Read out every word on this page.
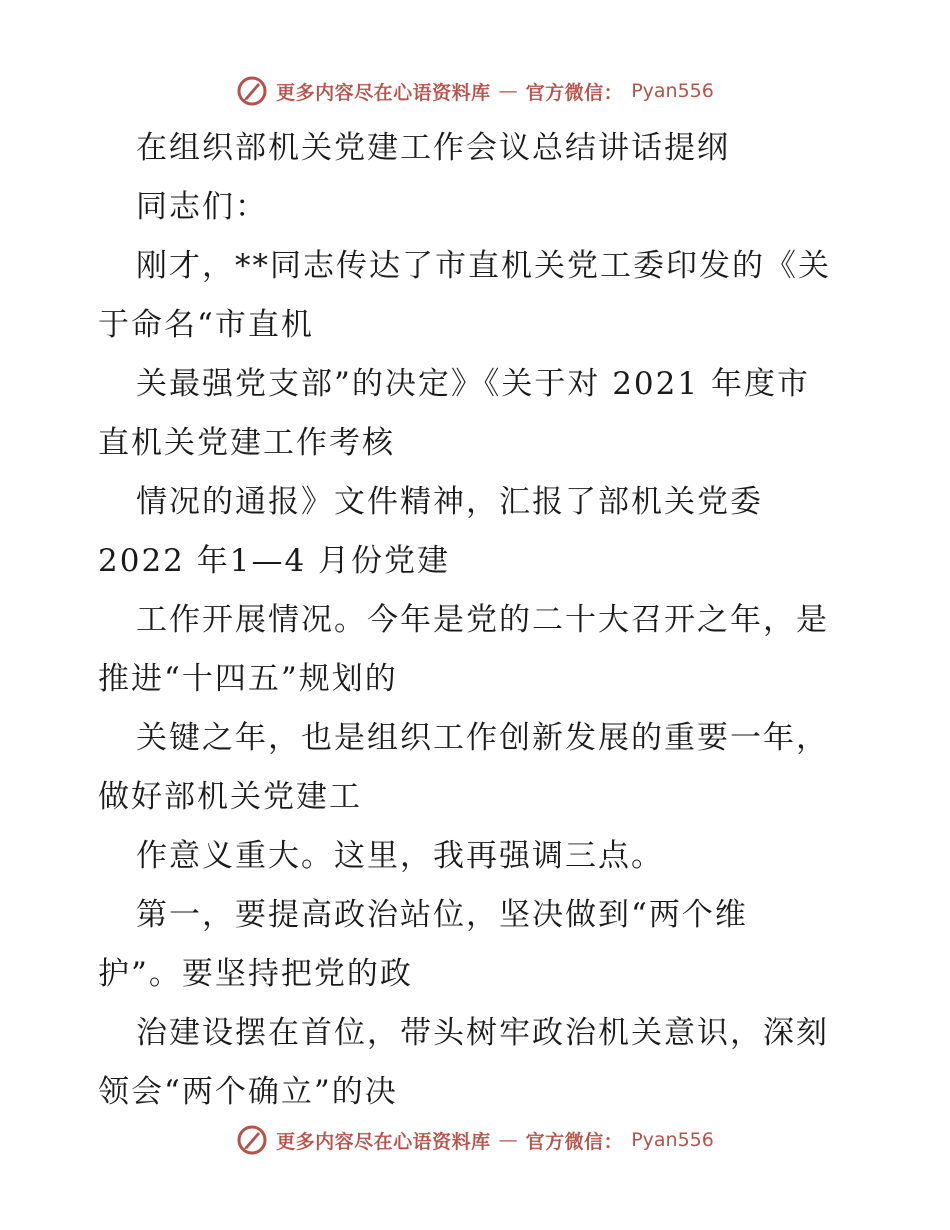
更多内容尽在心语资料库 — 官方微信： Pyan556
在组织部机关党建工作会议总结讲话提纲
同志们：
刚才，**同志传达了市直机关党工委印发的《关
于命名“市直机
关最强党支部”的决定》《关于对 2021 年度市
直机关党建工作考核
情况的通报》文件精神，汇报了部机关党委
2022 年1—4 月份党建
工作开展情况。今年是党的二十大召开之年，是
推进“十四五”规划的
关键之年，也是组织工作创新发展的重要一年，
做好部机关党建工
作意义重大。这里，我再强调三点。
第一，要提高政治站位，坚决做到“两个维
护”。要坚持把党的政
治建设摆在首位，带头树牢政治机关意识，深刻
领会“两个确立”的决
更多内容尽在心语资料库 — 官方微信： Pyan556
